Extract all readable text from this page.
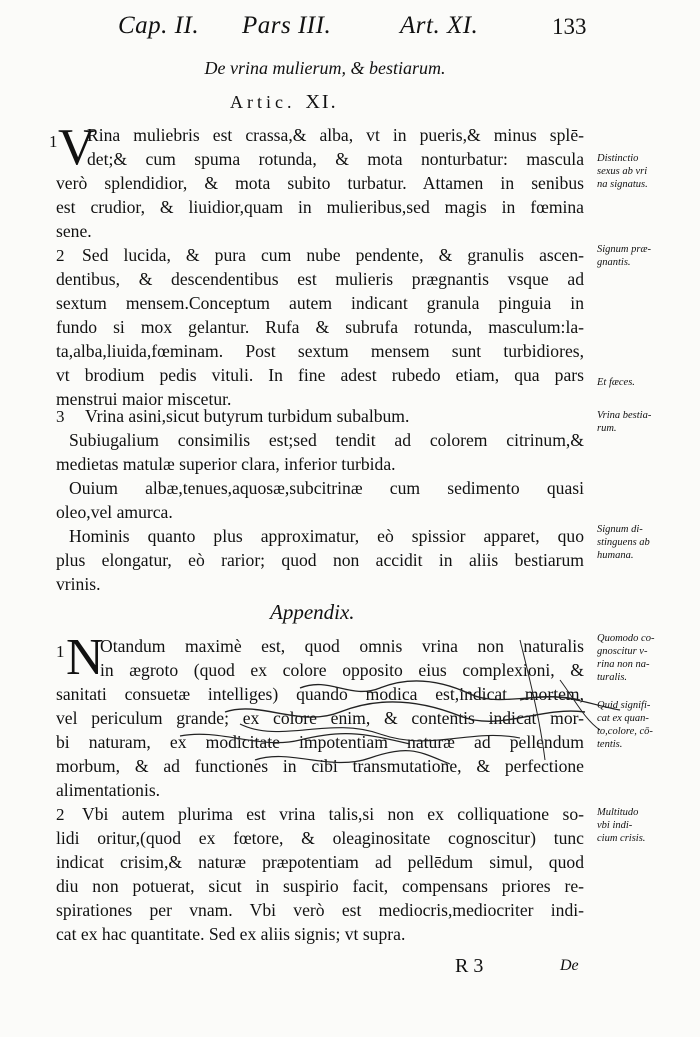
Cap. II. Pars III.	Art. XI.	133
De vrina mulierum, & bestiarum.
Artic. XI.
1 V
Rina muliebris est crassa,& alba, vt in pueris,& minus splē-
det;& cum spuma rotunda, & mota nonturbatur: mascula
verò splendidior, & mota subito turbatur. Attamen in senibus
est crudior, & liuidior,quam in mulieribus,sed magis in fœmina
sene.
2 Sed lucida, & pura cum nube pendente, & granulis ascen-
dentibus, & descendentibus est mulieris prægnantis vsque ad
sextum mensem.Conceptum autem indicant granula pinguia in
fundo si mox gelantur. Rufa & subrufa rotunda, masculum:la-
ta,alba,liuida,fœminam. Post sextum mensem sunt turbidiores,
vt brodium pedis vituli. In fine adest rubedo etiam, qua pars
menstrui maior miscetur.
3 Vrina asini,sicut butyrum turbidum subalbum.
Subiugalium consimilis est;sed tendit ad colorem citrinum,&
medietas matulæ superior clara, inferior turbida.
Ouium albæ,tenues,aquosæ,subcitrinæ cum sedimento quasi
oleo,vel amurca.
Hominis quanto plus approximatur, eò spissior apparet, quo
plus elongatur, eò rarior; quod non accidit in aliis bestiarum
vrinis.
Appendix.
1 N
Otandum maximè est, quod omnis vrina non naturalis
in ægroto (quod ex colore opposito eius complexioni, &
sanitati consuetæ intelliges) quando modica est,indicat mortem,
vel periculum grande; ex colore enim, & contentis indicat mor-
bi naturam, ex modicitate impotentiam naturæ ad pellendum
morbum, & ad functiones in cibi transmutatione, & perfectione
alimentationis.
2 Vbi autem plurima est vrina talis,si non ex colliquatione so-
lidi oritur,(quod ex fœtore, & oleaginositate cognoscitur) tunc
indicat crisim,& naturæ præpotentiam ad pellēdum simul, quod
diu non potuerat, sicut in suspirio facit, compensans priores re-
spirationes per vnam. Vbi verò est mediocris,mediocriter indi-
cat ex hac quantitate. Sed ex aliis signis; vt supra.
Distinctio
sexus ab vri
na signatus.
Signum præ-
gnantis.
Et fæces.
Vrina bestia-
rum.
Signum di-
stinguens ab
humana.
Quomodo co-
gnoscitur v-
rina non na-
turalis.
Quid signifi-
cat ex quan-
to,colore, cō-
tentis.
Multitudo
vbi indi-
cium crisis.
R 3	De
